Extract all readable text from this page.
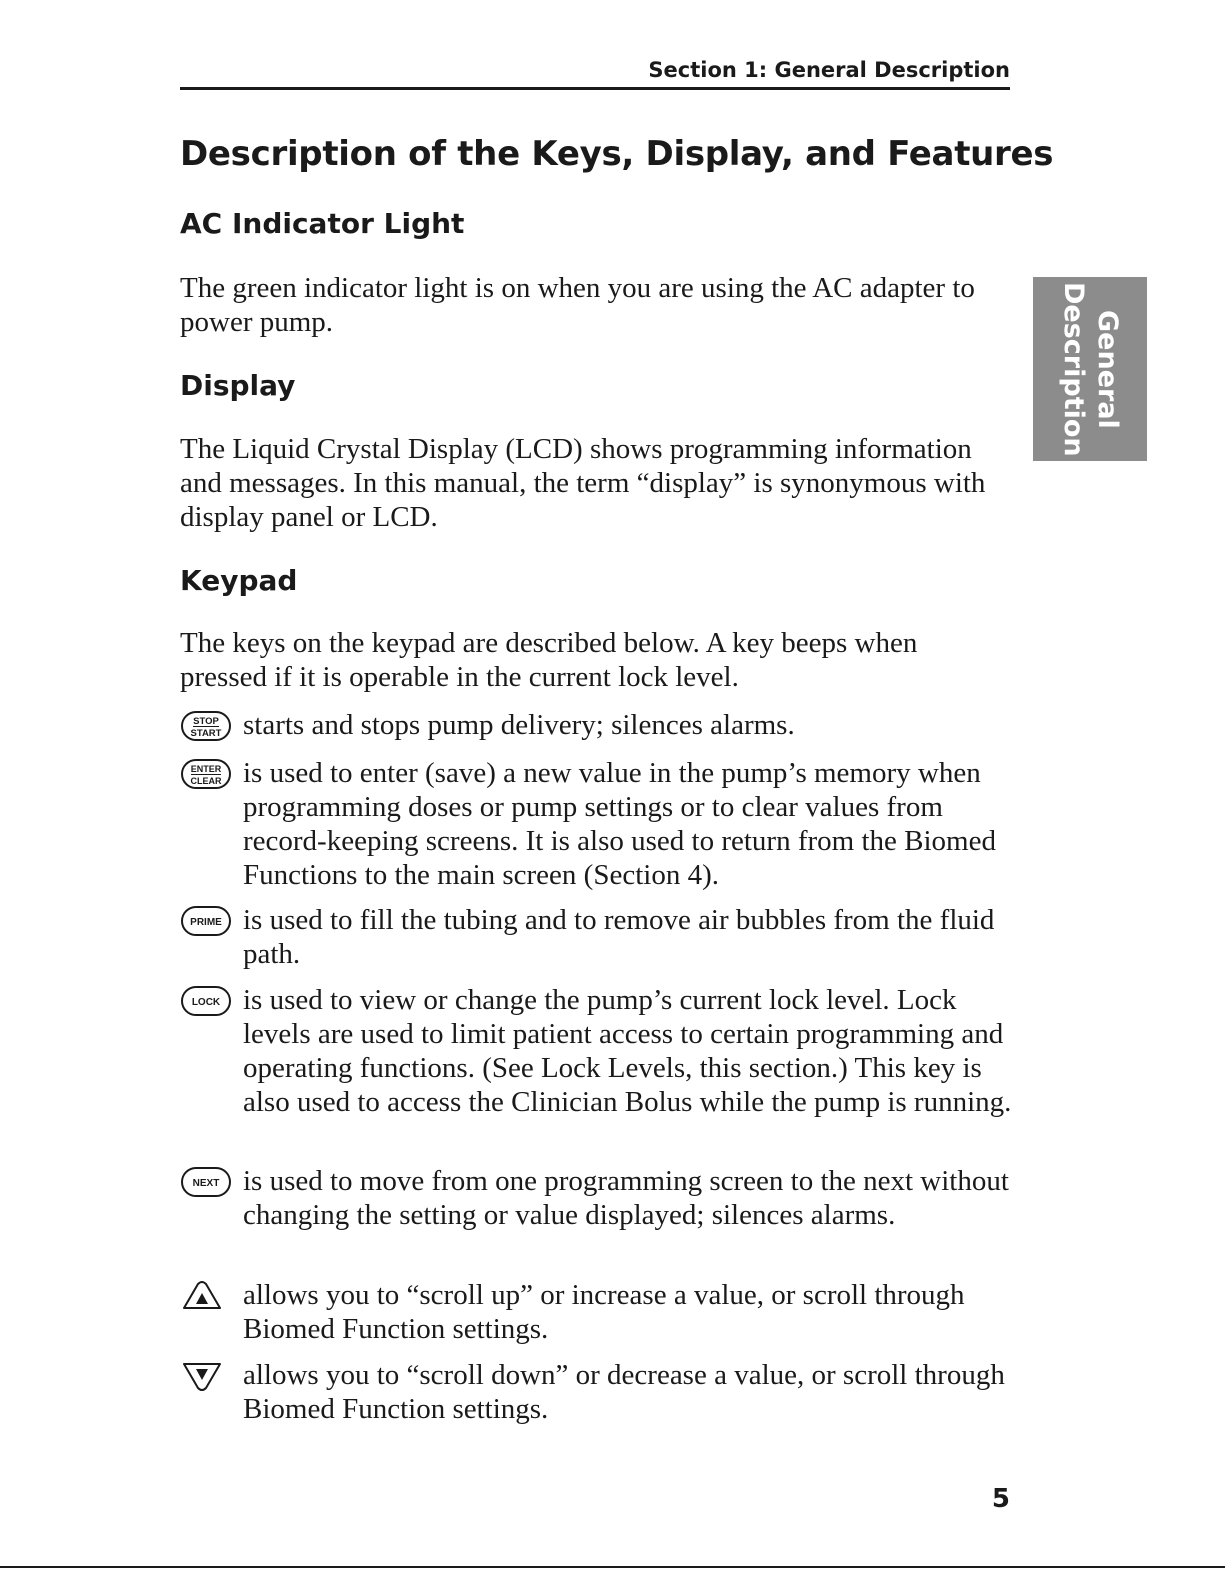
Section 1: General Description
General Description
Description of the Keys, Display, and Features
AC Indicator Light

The green indicator light is on when you are using the AC adapter to power pump.

Display

The Liquid Crystal Display (LCD) shows programming information and messages. In this manual, the term “display” is synonymous with display panel or LCD.

Keypad

The keys on the keypad are described below. A key beeps when pressed if it is operable in the current lock level.

STOP
START starts and stops pump delivery; silences alarms.

ENTER
CLEAR is used to enter (save) a new value in the pump’s memory when programming doses or pump settings or to clear values from record-keeping screens. It is also used to return from the Biomed Functions to the main screen (Section 4).

PRIME is used to fill the tubing and to remove air bubbles from the fluid path.

LOCK is used to view or change the pump’s current lock level. Lock levels are used to limit patient access to certain programming and operating functions. (See Lock Levels, this section.) This key is also used to access the Clinician Bolus while the pump is running.

NEXT is used to move from one programming screen to the next without changing the setting or value displayed; silences alarms.

allows you to “scroll up” or increase a value, or scroll through Biomed Function settings.

allows you to “scroll down” or decrease a value, or scroll through Biomed Function settings.

5
